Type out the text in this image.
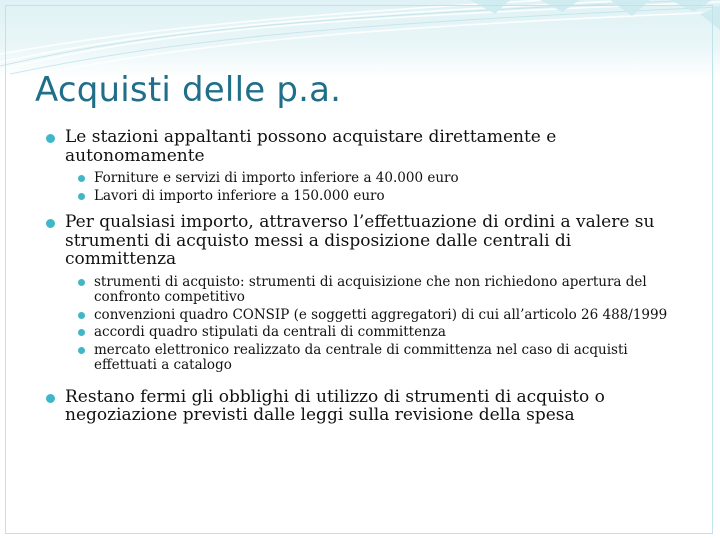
Acquisti delle p.a.

Le stazioni appaltanti possono acquistare direttamente e autonomamente

Forniture e servizi di importo inferiore a 40.000 euro

Lavori di importo inferiore a 150.000 euro

Per qualsiasi importo, attraverso l’effettuazione di ordini a valere su strumenti di acquisto messi a disposizione dalle centrali di committenza

strumenti di acquisto: strumenti di acquisizione che non richiedono apertura del confronto competitivo

convenzioni quadro CONSIP (e soggetti aggregatori) di cui all’articolo 26 488/1999

accordi quadro stipulati da centrali di committenza

mercato elettronico realizzato da centrale di committenza nel caso di acquisti effettuati a catalogo

Restano fermi gli obblighi di utilizzo di strumenti di acquisto o negoziazione previsti dalle leggi sulla revisione della spesa
